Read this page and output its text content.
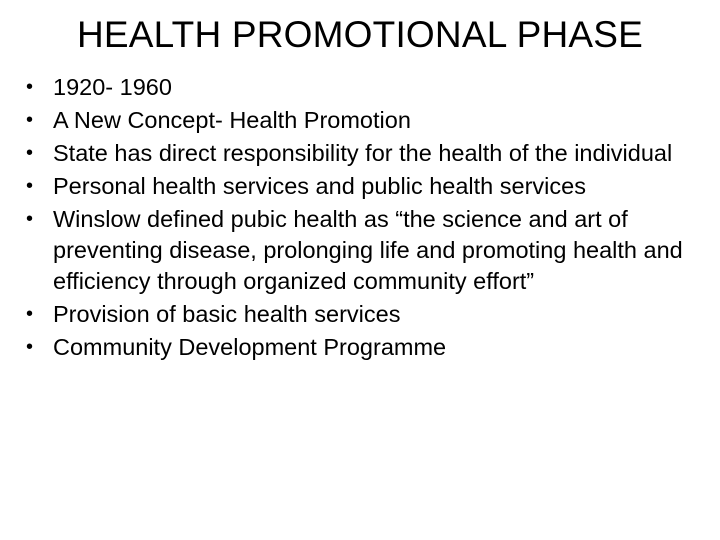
HEALTH PROMOTIONAL PHASE
• 1920- 1960
• A New Concept- Health Promotion
• State has direct responsibility for the health of the individual
• Personal health services and public health services
• Winslow defined pubic health as “the science and art of preventing disease, prolonging life and promoting health and efficiency through organized community effort”
• Provision of basic health services
• Community Development Programme
